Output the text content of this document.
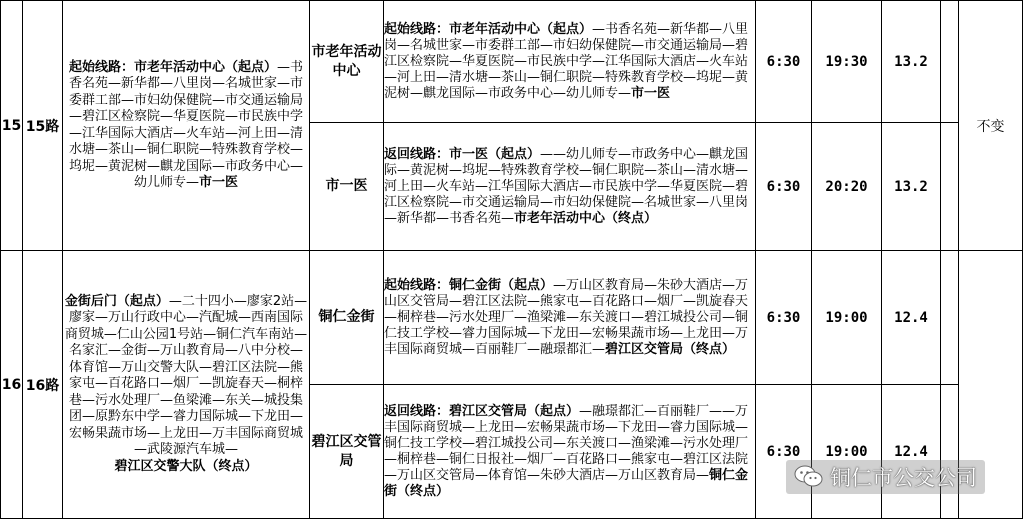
15	15路	起始线路：市老年活动中心（起点）—书香名苑—新华都—八里岗—名城世家—市委群工部—市妇幼保健院—市交通运输局—碧江区检察院—华夏医院—市民族中学—江华国际大酒店—火车站—河上田—清水塘—茶山—铜仁职院—特殊教育学校—坞坭—黄泥树—麒龙国际—市政务中心—幼儿师专—市一医	市老年活动中心	起始线路：市老年活动中心（起点）—书香名苑—新华都—八里岗—名城世家—市委群工部—市妇幼保健院—市交通运输局—碧江区检察院—华夏医院—市民族中学—江华国际大酒店—火车站—河上田—清水塘—茶山—铜仁职院—特殊教育学校—坞坭—黄泥树—麒龙国际—市政务中心—幼儿师专—市一医	6:30	19:30	13.2		不变	
			市一医	返回线路：市一医（起点）——幼儿师专—市政务中心—麒龙国际—黄泥树—坞坭—特殊教育学校—铜仁职院—茶山—清水塘—河上田—火车站—江华国际大酒店—市民族中学—华夏医院—碧江区检察院—市交通运输局—市妇幼保健院—名城世家—八里岗—新华都—书香名苑—市老年活动中心（终点）	6:30	20:20	13.2			
16	16路	金街后门（起点）—二十四小—廖家2站—廖家—万山行政中心—汽配城—西南国际商贸城—仁山公园1号站—铜仁汽车南站—名家汇—金街—万山教育局—八中分校—体育馆—万山交警大队—碧江区法院—熊家屯—百花路口—烟厂—凯旋春天—桐梓巷—污水处理厂—鱼梁滩—东关—城投集团—原黔东中学—睿力国际城—下龙田—宏畅果蔬市场—上龙田—万丰国际商贸城—武陵源汽车城—碧江区交警大队（终点）	铜仁金街	起始线路：铜仁金街（起点）—万山区教育局—朱砂大酒店—万山区交管局—碧江区法院—熊家屯—百花路口—烟厂—凯旋春天—桐梓巷—污水处理厂—渔梁滩—东关渡口—碧江城投公司—铜仁技工学校—睿力国际城—下龙田—宏畅果蔬市场—上龙田—万丰国际商贸城—百丽鞋厂—融璟都汇—碧江区交管局（终点）	6:30	19:00	12.4			
			碧江区交管局	返回线路：碧江区交管局（起点）—融璟都汇—百丽鞋厂——万丰国际商贸城—上龙田—宏畅果蔬市场—下龙田—睿力国际城—铜仁技工学校—碧江城投公司—东关渡口—渔梁滩—污水处理厂—桐梓巷—铜仁日报社—烟厂—百花路口—熊家屯—碧江区法院—万山区交管局—体育馆—朱砂大酒店—万山区教育局—铜仁金街（终点）	6:30	19:00	12.4			
铜仁市公交公司
